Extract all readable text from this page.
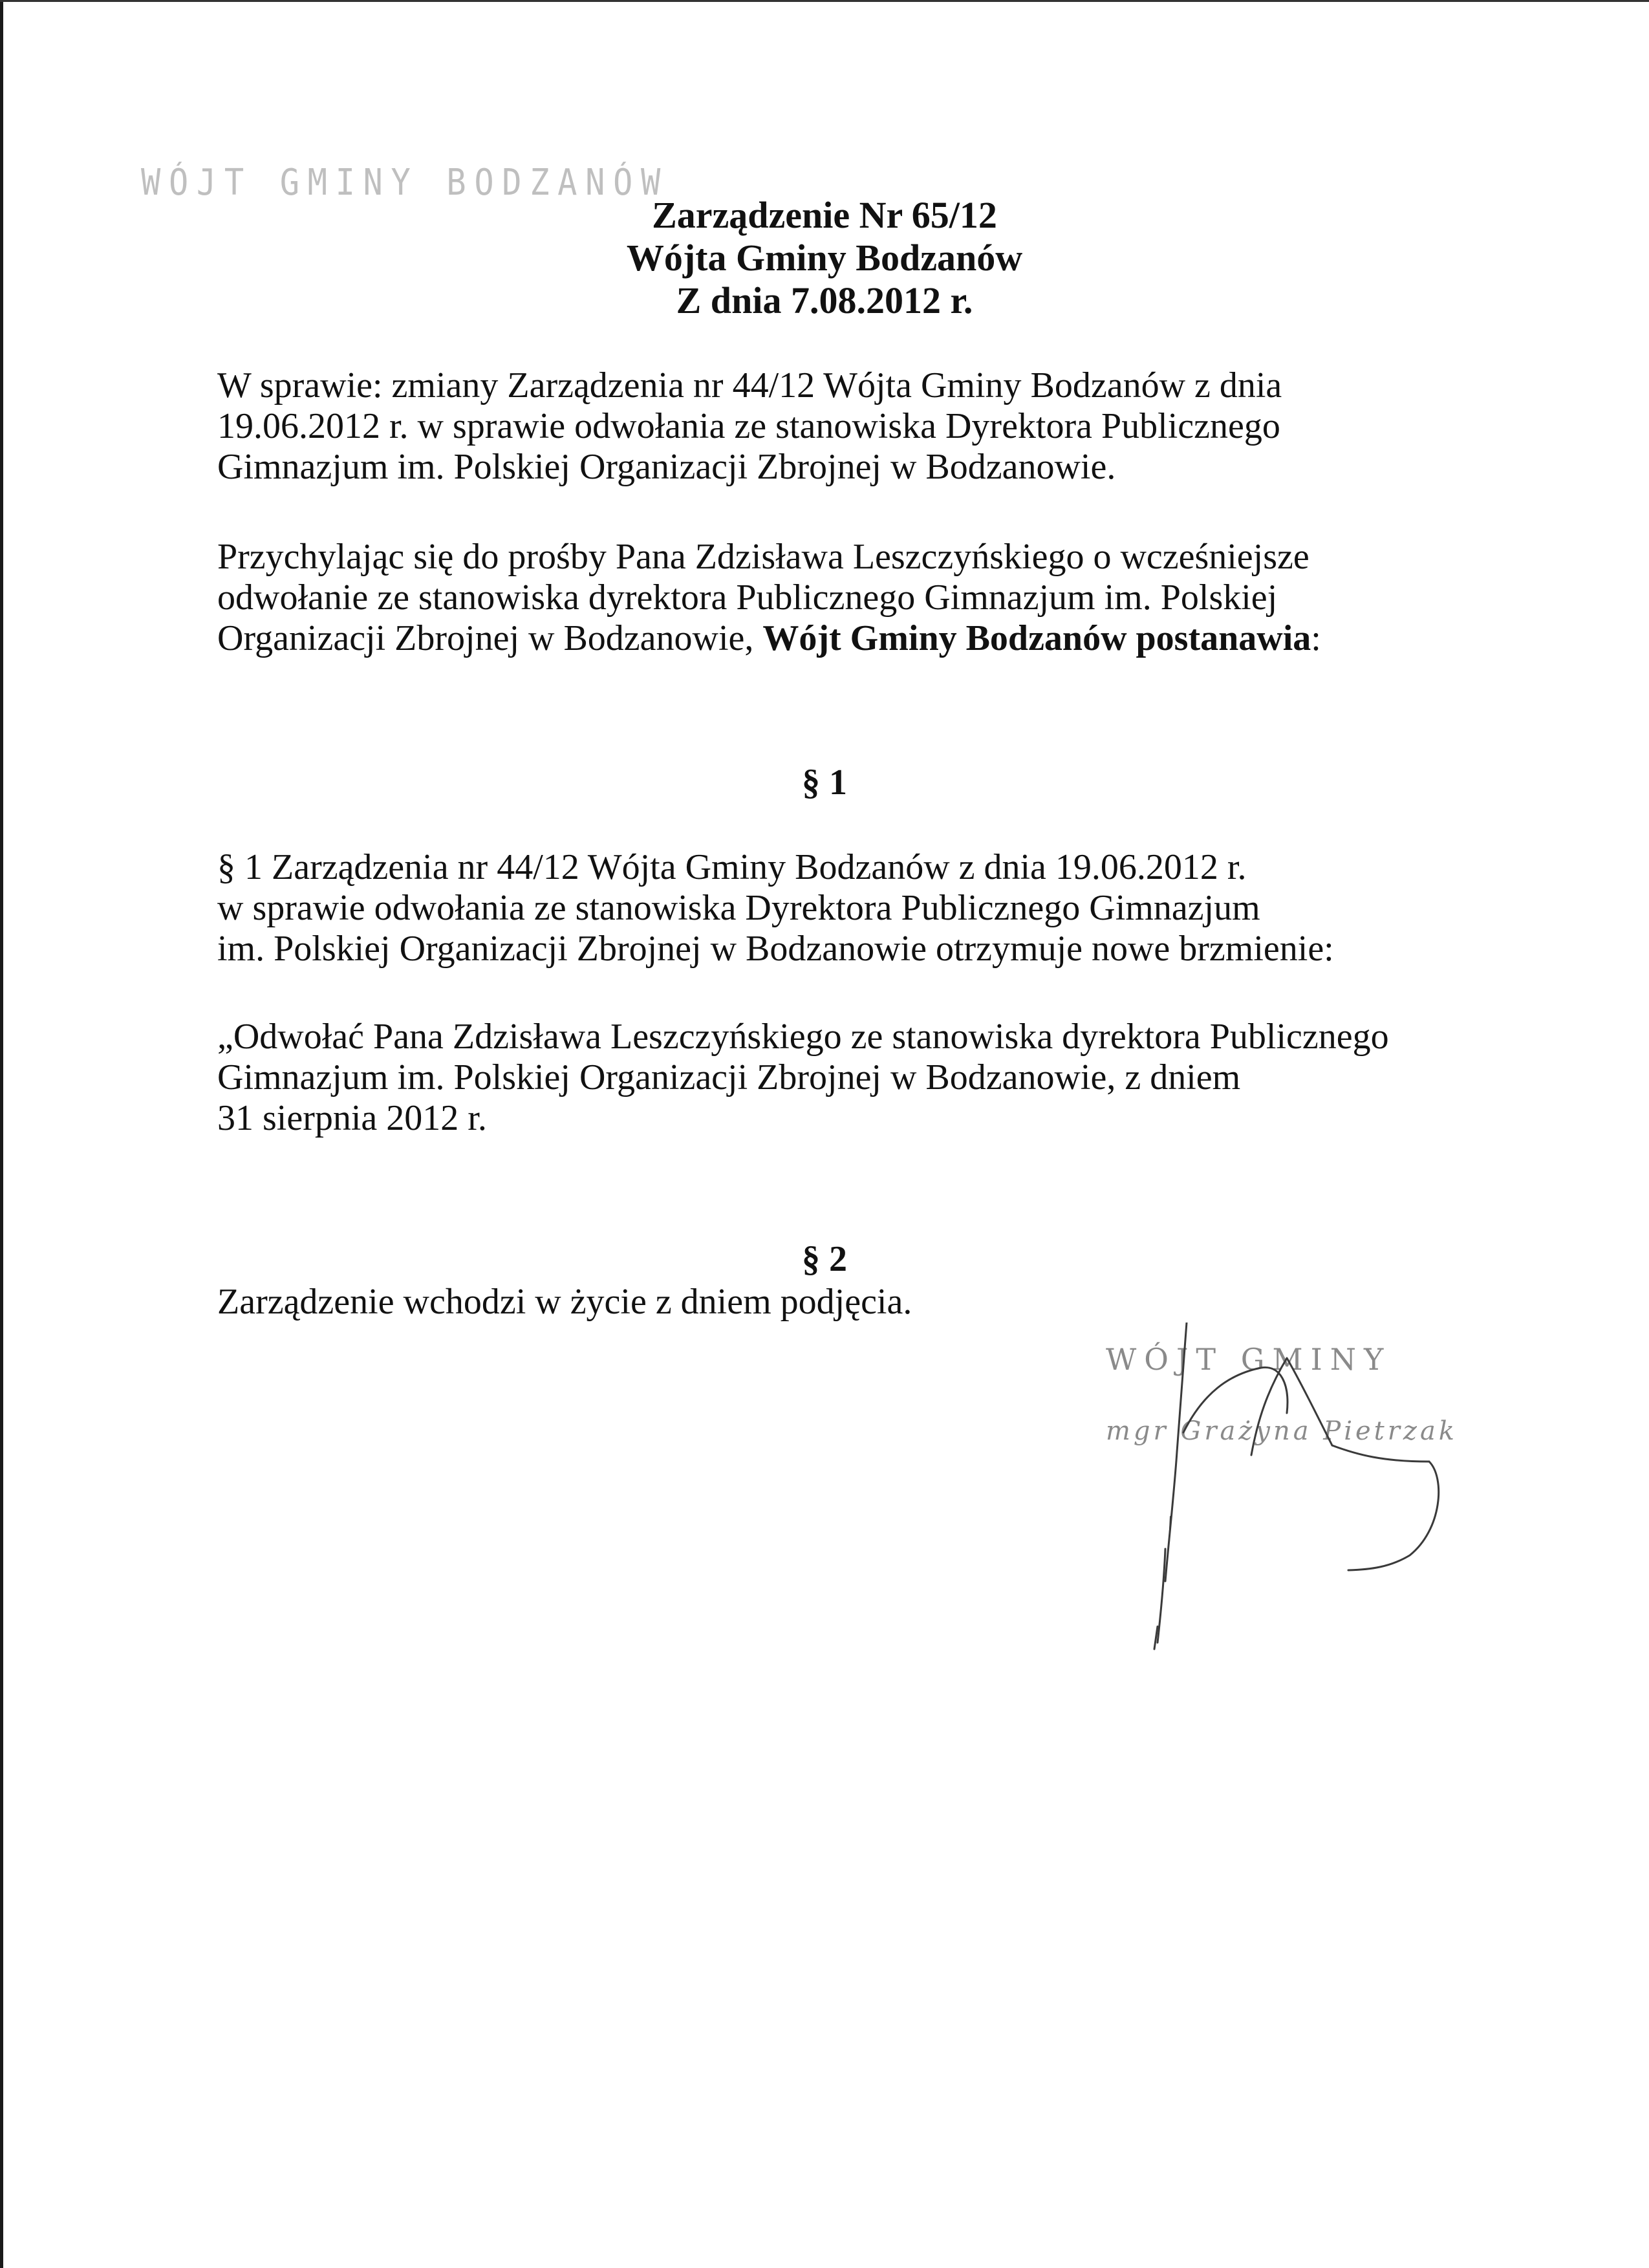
WÓJT GMINY BODZANÓW
Zarządzenie Nr 65/12
Wójta Gminy Bodzanów
Z dnia 7.08.2012 r.
W sprawie: zmiany Zarządzenia nr 44/12 Wójta Gminy Bodzanów z dnia
19.06.2012 r. w sprawie odwołania ze stanowiska Dyrektora Publicznego
Gimnazjum im. Polskiej Organizacji Zbrojnej w Bodzanowie.
Przychylając się do prośby Pana Zdzisława Leszczyńskiego o wcześniejsze
odwołanie ze stanowiska dyrektora Publicznego Gimnazjum im. Polskiej
Organizacji Zbrojnej w Bodzanowie, Wójt Gminy Bodzanów postanawia:
§ 1
§ 1 Zarządzenia nr 44/12 Wójta Gminy Bodzanów z dnia 19.06.2012 r.
w sprawie odwołania ze stanowiska Dyrektora Publicznego Gimnazjum
im. Polskiej Organizacji Zbrojnej w Bodzanowie otrzymuje nowe brzmienie:
„Odwołać Pana Zdzisława Leszczyńskiego ze stanowiska dyrektora Publicznego
Gimnazjum im. Polskiej Organizacji Zbrojnej w Bodzanowie, z dniem
31 sierpnia 2012 r.
§ 2
Zarządzenie wchodzi w życie z dniem podjęcia.
WÓJT GMINY
mgr Grażyna Pietrzak
